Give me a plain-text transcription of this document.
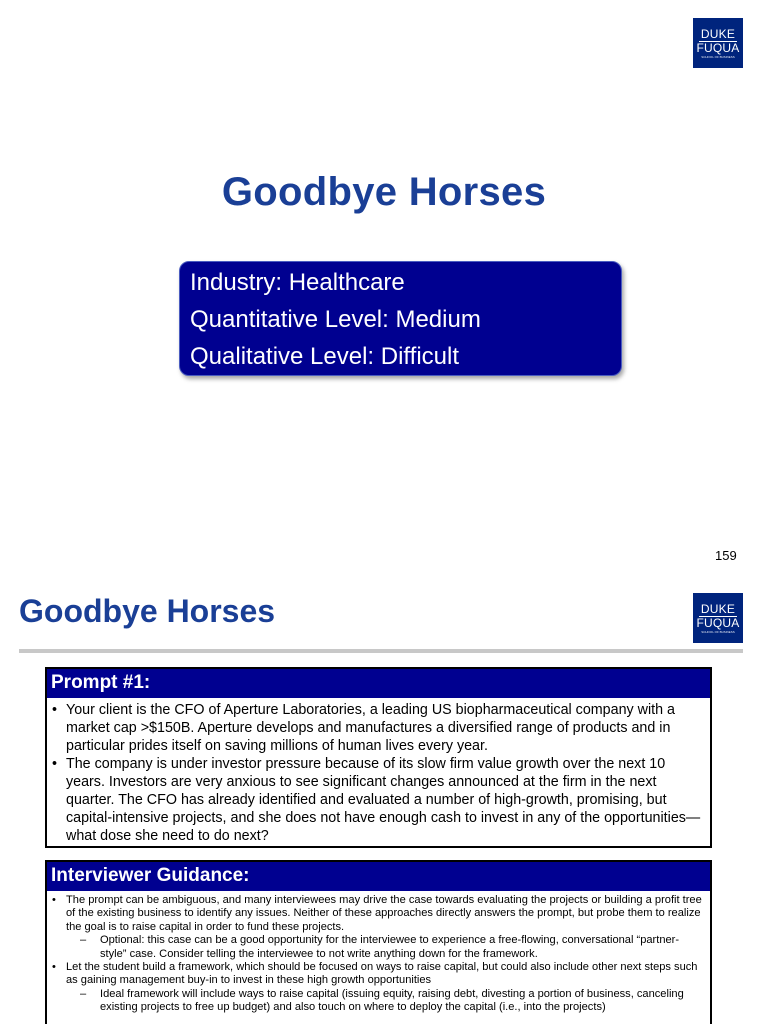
DUKE
FUQUA
SCHOOL OF BUSINESS
Goodbye Horses
Industry: Healthcare
Quantitative Level: Medium
Qualitative Level: Difficult
159
Goodbye Horses	DUKE
FUQUA
SCHOOL OF BUSINESS
Prompt #1:
• Your client is the CFO of Aperture Laboratories, a leading US biopharmaceutical company with a market cap >$150B. Aperture develops and manufactures a diversified range of products and in particular prides itself on saving millions of human lives every year.
• The company is under investor pressure because of its slow firm value growth over the next 10 years. Investors are very anxious to see significant changes announced at the firm in the next quarter. The CFO has already identified and evaluated a number of high-growth, promising, but capital-intensive projects, and she does not have enough cash to invest in any of the opportunities—what dose she need to do next?
Interviewer Guidance:
• The prompt can be ambiguous, and many interviewees may drive the case towards evaluating the projects or building a profit tree of the existing business to identify any issues. Neither of these approaches directly answers the prompt, but probe them to realize the goal is to raise capital in order to fund these projects.
– Optional: this case can be a good opportunity for the interviewee to experience a free-flowing, conversational “partner-style” case. Consider telling the interviewee to not write anything down for the framework.
• Let the student build a framework, which should be focused on ways to raise capital, but could also include other next steps such as gaining management buy-in to invest in these high growth opportunities
– Ideal framework will include ways to raise capital (issuing equity, raising debt, divesting a portion of business, canceling existing projects to free up budget) and also touch on where to deploy the capital (i.e., into the projects)
